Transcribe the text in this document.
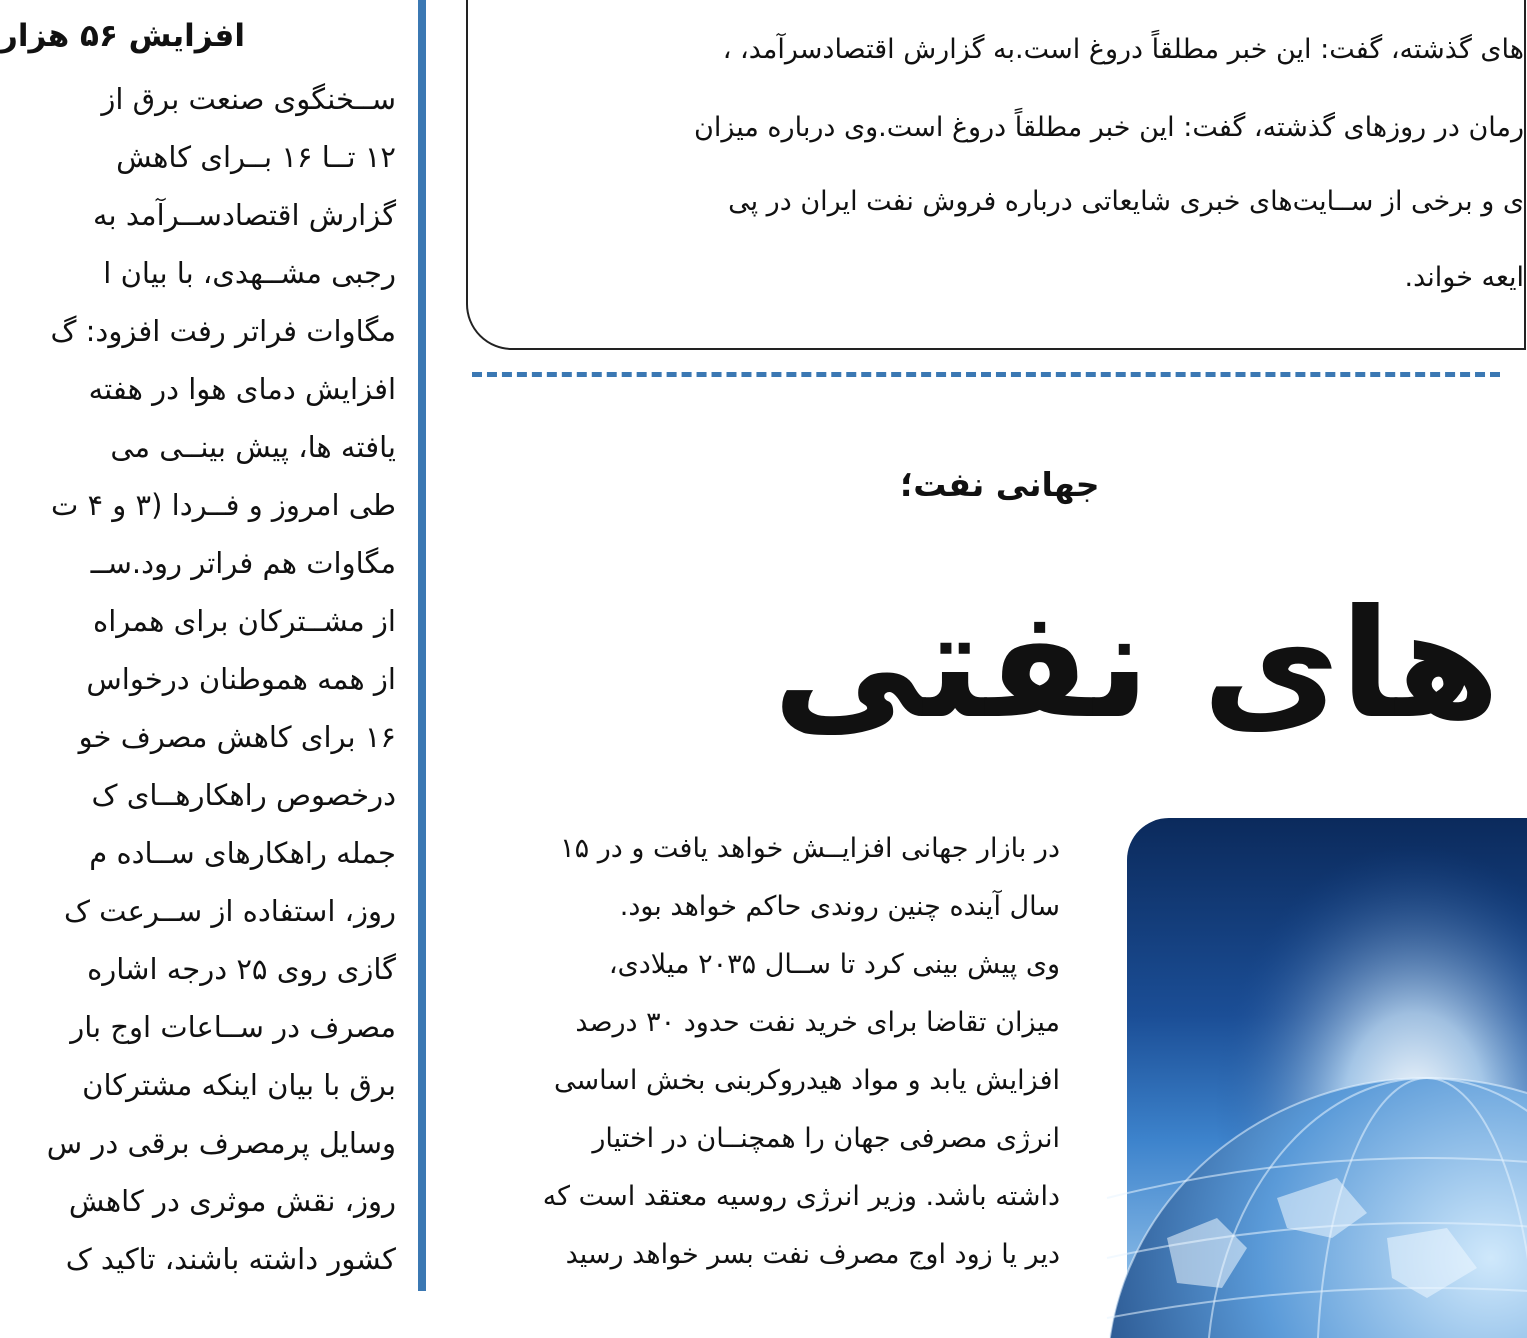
افزایش ۵۶ هزار
ســخنگوی صنعت برق از
۱۲ تــا ۱۶ بــرای کاهش
گزارش اقتصادســرآمد به
رجبی مشــهدی، با بیان ا
مگاوات فراتر رفت افزود: گ
افزایش دمای هوا در هفته
یافته ها، پیش بینــی می
طی امروز و فــردا (۳ و ۴ ت
مگاوات هم فراتر رود.ســ
از مشــترکان برای همراه
از همه هموطنان درخواس
۱۶ برای کاهش مصرف خو
درخصوص راهکارهــای ک
جمله راهکارهای ســاده م
روز، استفاده از ســرعت ک
گازی روی ۲۵ درجه اشاره
مصرف در ســاعات اوج بار
برق با بیان اینکه مشترکان
وسایل پرمصرف برقی در س
روز، نقش موثری در کاهش
کشور داشته باشند، تاکید ک
های گذشته، گفت: این خبر مطلقاً دروغ است.به گزارش اقتصادسرآمد، ،
رمان در روزهای گذشته، گفت: این خبر مطلقاً دروغ است.وی درباره میزان
ی و برخی از ســایت‌های خبری شایعاتی درباره فروش نفت ایران در پی
ایعه خواند.
جهانی نفت؛
های نفتی
در بازار جهانی افزایــش خواهد یافت و در ۱۵
سال آینده چنین روندی حاکم خواهد بود.
وی پیش بینی کرد تا ســال ۲۰۳۵ میلادی،
میزان تقاضا برای خرید نفت حدود ۳۰ درصد
افزایش یابد و مواد هیدروکربنی بخش اساسی
انرژی مصرفی جهان را همچنــان در اختیار
داشته باشد. وزیر انرژی روسیه معتقد است که
دیر یا زود اوج مصرف نفت بسر خواهد رسید
